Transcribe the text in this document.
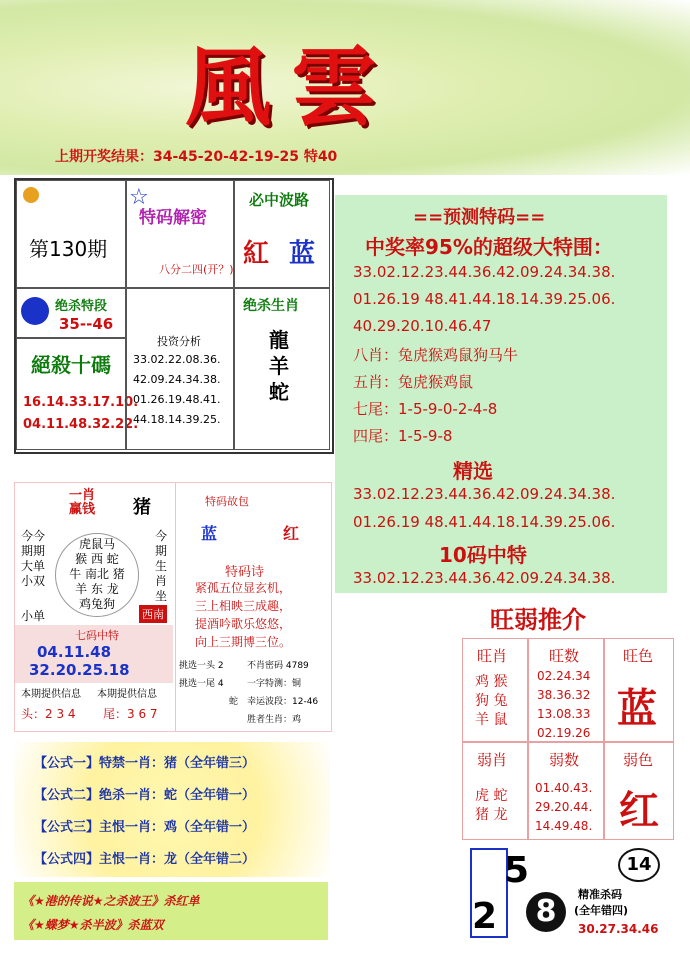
風雲
上期开奖结果：34-45-20-42-19-25 特40
第130期
☆
特码解密
八分二四(开？)
必中波路
紅 蓝
绝杀特段
35--46
絕殺十碼
16.14.33.17.10.
04.11.48.32.22.
投资分析
33.02.22.08.36.
42.09.24.34.38.
01.26.19.48.41.
44.18.14.39.25.
绝杀生肖
龍羊蛇
==预测特码==
中奖率95%的超级大特围：
33.02.12.23.44.36.42.09.24.34.38.
01.26.19 48.41.44.18.14.39.25.06.
40.29.20.10.46.47
八肖：兔虎猴鸡鼠狗马牛
五肖：兔虎猴鸡鼠
七尾：1-5-9-0-2-4-8
四尾：1-5-9-8
精选
33.02.12.23.44.36.42.09.24.34.38.
01.26.19 48.41.44.18.14.39.25.06.
10码中特
33.02.12.23.44.36.42.09.24.34.38.
一肖
赢钱 猪
今今
期期
大单
小双
虎鼠马
猴 西 蛇
牛 南北 猪
羊 东 龙
鸡兔狗
今
期
生
肖
坐
小单	西南
七码中特
04.11.48
32.20.25.18
本期提供信息
头：2 3 4
本期提供信息
尾：3 6 7
特码故包
蓝	红
特码诗
紧孤五位显玄机，
三上相映三成趣，
提酒吟歌乐悠悠，
向上三期博三位。
挑选一头 2
挑选一尾 4
蛇
不肖密码 4789
一字特测：铜
幸运波段：12-46
胜者生肖：鸡
【公式一】特禁一肖：猪（全年错三）
【公式二】绝杀一肖：蛇（全年错一）
【公式三】主恨一肖：鸡（全年错一）
【公式四】主恨一肖：龙（全年错二）
《★港的传说★之杀波王》杀红单
《★蝶梦★杀半波》杀蓝双
旺弱推介
旺肖
鸡 猴
狗 兔
羊 鼠
旺数
02.24.34
38.36.32
13.08.33
02.19.26
旺色
蓝
弱肖
虎 蛇
猪 龙
弱数
01.40.43.
29.20.44.
14.49.48.
弱色
红
5
2	8
14
精准杀码
(全年错四)
30.27.34.46
